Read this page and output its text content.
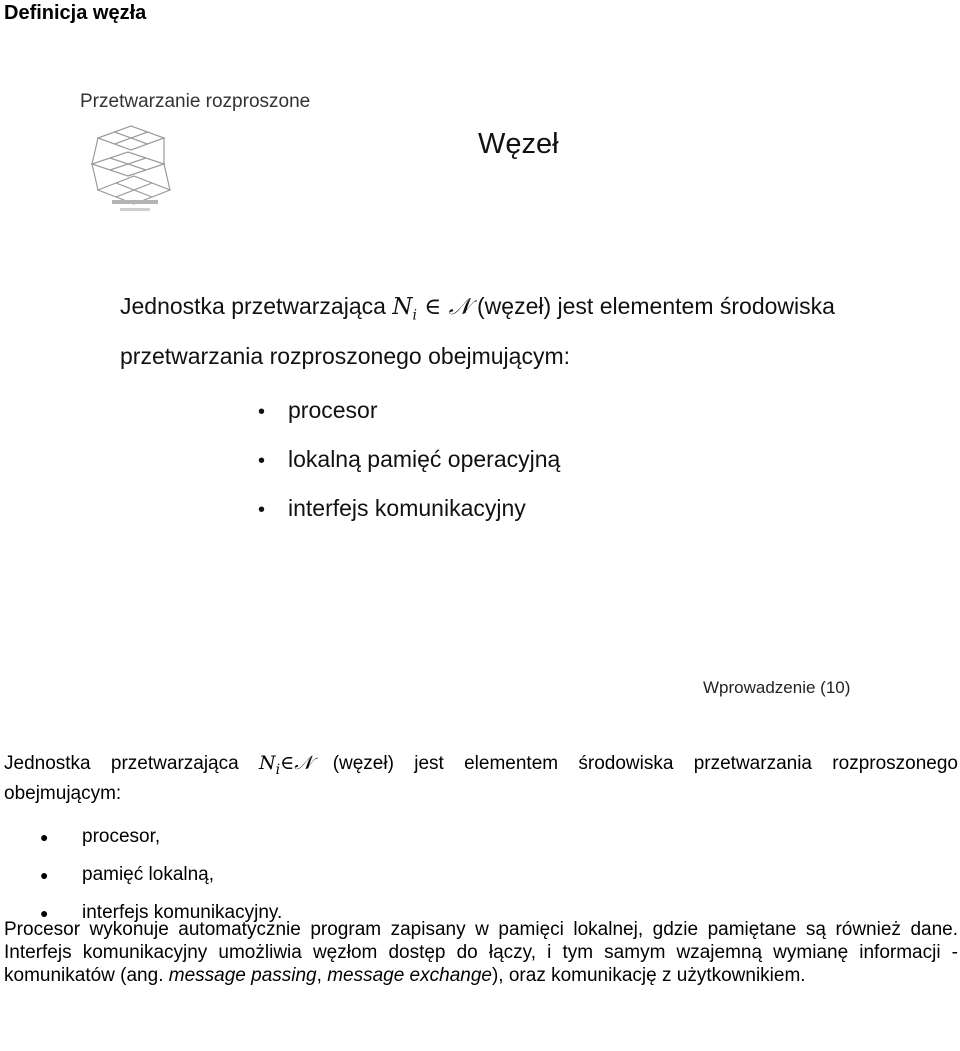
Definicja węzła
Przetwarzanie rozproszone
Węzeł
Jednostka przetwarzająca $N_i$ ∈ 𝒩 (węzeł) jest elementem środowiska przetwarzania rozproszonego obejmującym:
• procesor
• lokalną pamięć operacyjną
• interfejs komunikacyjny
Wprowadzenie (10)
Jednostka przetwarzająca $N_i\in 𝒩$ (węzeł) jest elementem środowiska przetwarzania rozproszonego obejmującym:
● procesor,
● pamięć lokalną,
● interfejs komunikacyjny.
Procesor wykonuje automatycznie program zapisany w pamięci lokalnej, gdzie pamiętane są również dane. Interfejs komunikacyjny umożliwia węzłom dostęp do łączy, i tym samym wzajemną wymianę informacji - komunikatów (ang. message passing, message exchange), oraz komunikację z użytkownikiem.
